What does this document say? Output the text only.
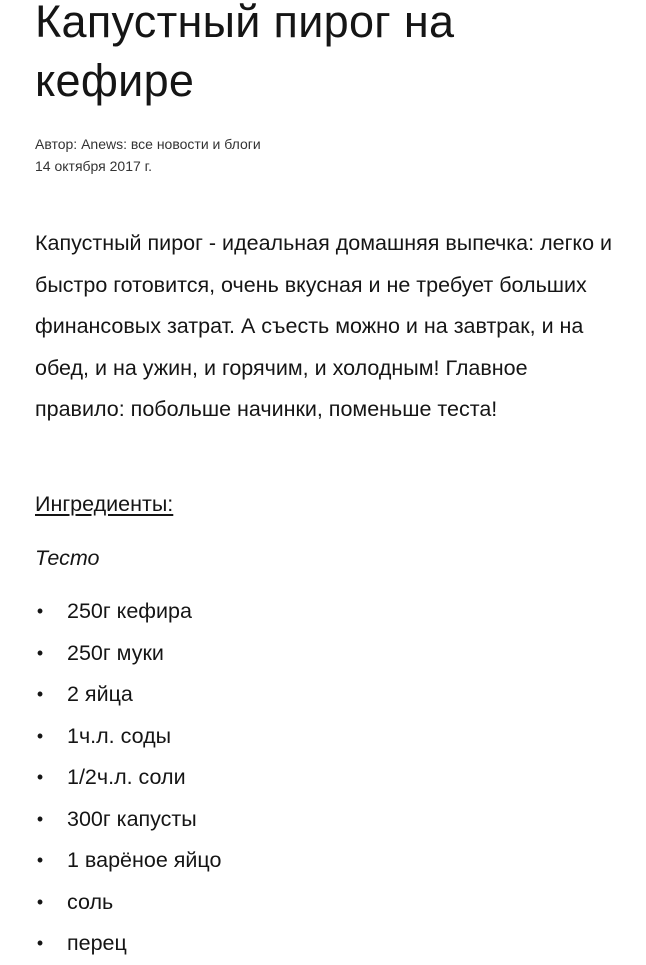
Капустный пирог на кефире
Автор: Anews: все новости и блоги
14 октября 2017 г.

Капустный пирог - идеальная домашняя выпечка: легко и быстро готовится, очень вкусная и не требует больших финансовых затрат. А съесть можно и на завтрак, и на обед, и на ужин, и горячим, и холодным! Главное правило: побольше начинки, поменьше теста!

Ингредиенты:
Тесто
• 250г кефира
• 250г муки
• 2 яйца
• 1ч.л. соды
• 1/2ч.л. соли
• 300г капусты
• 1 варёное яйцо
• соль
• перец
